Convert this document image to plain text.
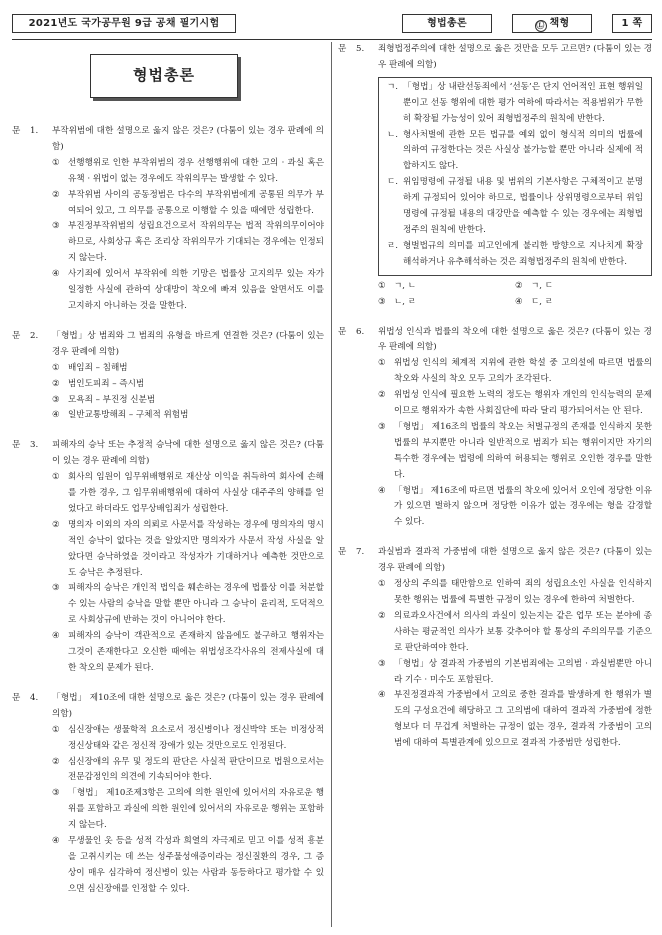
2021년도 국가공무원 9급 공채 필기시험	형법총론	Ⓛ 책형	1 쪽
형법총론
문 1. 부작위범에 대한 설명으로 옳지 않은 것은? (다툼이 있는 경우 판례에 의함)
① 선행행위로 인한 부작위범의 경우 선행행위에 대한 고의 · 과실 혹은 유책 · 위법이 없는 경우에도 작위의무는 발생할 수 있다.
② 부작위범 사이의 공동정범은 다수의 부작위범에게 공통된 의무가 부여되어 있고, 그 의무를 공통으로 이행할 수 있을 때에만 성립한다.
③ 부진정부작위범의 성립요건으로서 작위의무는 법적 작위의무이어야 하므로, 사회상규 혹은 조리상 작위의무가 기대되는 경우에는 인정되지 않는다.
④ 사기죄에 있어서 부작위에 의한 기망은 법률상 고지의무 있는 자가 일정한 사실에 관하여 상대방이 착오에 빠져 있음을 알면서도 이를 고지하지 아니하는 것을 말한다.
문 2. 「형법」상 범죄와 그 범죄의 유형을 바르게 연결한 것은? (다툼이 있는 경우 판례에 의함)
① 배임죄 – 침해범
② 범인도피죄 – 즉시범
③ 모욕죄 – 부진정 신분범
④ 일반교통방해죄 – 구체적 위험범
문 3. 피해자의 승낙 또는 추정적 승낙에 대한 설명으로 옳지 않은 것은? (다툼이 있는 경우 판례에 의함)
① 회사의 임원이 임무위배행위로 재산상 이익을 취득하여 회사에 손해를 가한 경우, 그 임무위배행위에 대하여 사실상 대주주의 양해를 얻었다고 하더라도 업무상배임죄가 성립한다.
② 명의자 이외의 자의 의뢰로 사문서를 작성하는 경우에 명의자의 명시적인 승낙이 없다는 것을 알았지만 명의자가 사문서 작성 사실을 알았다면 승낙하였을 것이라고 작성자가 기대하거나 예측한 것만으로도 승낙은 추정된다.
③ 피해자의 승낙은 개인적 법익을 훼손하는 경우에 법률상 이를 처분할 수 있는 사람의 승낙을 말할 뿐만 아니라 그 승낙이 윤리적, 도덕적으로 사회상규에 반하는 것이 아니어야 한다.
④ 피해자의 승낙이 객관적으로 존재하지 않음에도 불구하고 행위자는 그것이 존재한다고 오신한 때에는 위법성조각사유의 전제사실에 대한 착오의 문제가 된다.
문 4. 「형법」 제10조에 대한 설명으로 옳은 것은? (다툼이 있는 경우 판례에 의함)
① 심신장애는 생물학적 요소로서 정신병이나 정신박약 또는 비정상적 정신상태와 같은 정신적 장애가 있는 것만으로도 인정된다.
② 심신장애의 유무 및 정도의 판단은 사실적 판단이므로 법원으로서는 전문감정인의 의견에 기속되어야 한다.
③ 「형법」 제10조제3항은 고의에 의한 원인에 있어서의 자유로운 행위를 포함하고 과실에 의한 원인에 있어서의 자유로운 행위는 포함하지 않는다.
④ 무생물인 옷 등을 성적 각성과 희열의 자극제로 믿고 이를 성적 흥분을 고취시키는 데 쓰는 성주물성애증이라는 정신질환의 경우, 그 증상이 매우 심각하여 정신병이 있는 사람과 동등하다고 평가할 수 있으면 심신장애를 인정할 수 있다.
문 5. 죄형법정주의에 대한 설명으로 옳은 것만을 모두 고르면? (다툼이 있는 경우 판례에 의함)
ㄱ. 「형법」상 내란선동죄에서 ‘선동’은 단지 언어적인 표현 행위일 뿐이고 선동 행위에 대한 평가 여하에 따라서는 적용범위가 무한히 확장될 가능성이 있어 죄형법정주의 원칙에 반한다.
ㄴ. 형사처벌에 관한 모든 법규를 예외 없이 형식적 의미의 법률에 의하여 규정한다는 것은 사실상 불가능할 뿐만 아니라 실제에 적합하지도 않다.
ㄷ. 위임명령에 규정될 내용 및 범위의 기본사항은 구체적이고 분명하게 규정되어 있어야 하므로, 법률이나 상위명령으로부터 위임명령에 규정될 내용의 대강만을 예측할 수 있는 경우에는 죄형법정주의 원칙에 반한다.
ㄹ. 형벌법규의 의미를 피고인에게 불리한 방향으로 지나치게 확장해석하거나 유추해석하는 것은 죄형법정주의 원칙에 반한다.
① ㄱ, ㄴ	② ㄱ, ㄷ
③ ㄴ, ㄹ	④ ㄷ, ㄹ
문 6. 위법성 인식과 법률의 착오에 대한 설명으로 옳은 것은? (다툼이 있는 경우 판례에 의함)
① 위법성 인식의 체계적 지위에 관한 학설 중 고의설에 따르면 법률의 착오와 사실의 착오 모두 고의가 조각된다.
② 위법성 인식에 필요한 노력의 정도는 행위자 개인의 인식능력의 문제이므로 행위자가 속한 사회집단에 따라 달리 평가되어서는 안 된다.
③ 「형법」 제16조의 법률의 착오는 처벌규정의 존재를 인식하지 못한 법률의 부지뿐만 아니라 일반적으로 범죄가 되는 행위이지만 자기의 특수한 경우에는 법령에 의하여 허용되는 행위로 오인한 경우를 말한다.
④ 「형법」 제16조에 따르면 법률의 착오에 있어서 오인에 정당한 이유가 있으면 벌하지 않으며 정당한 이유가 없는 경우에는 형을 감경할 수 있다.
문 7. 과실범과 결과적 가중범에 대한 설명으로 옳지 않은 것은? (다툼이 있는 경우 판례에 의함)
① 정상의 주의를 태만함으로 인하여 죄의 성립요소인 사실을 인식하지 못한 행위는 법률에 특별한 규정이 있는 경우에 한하여 처벌한다.
② 의료과오사건에서 의사의 과실이 있는지는 같은 업무 또는 분야에 종사하는 평균적인 의사가 보통 갖추어야 할 통상의 주의의무를 기준으로 판단하여야 한다.
③ 「형법」상 결과적 가중범의 기본범죄에는 고의범 · 과실범뿐만 아니라 기수 · 미수도 포함된다.
④ 부진정결과적 가중범에서 고의로 중한 결과를 발생하게 한 행위가 별도의 구성요건에 해당하고 그 고의범에 대하여 결과적 가중범에 정한 형보다 더 무겁게 처벌하는 규정이 없는 경우, 결과적 가중범이 고의범에 대하여 특별관계에 있으므로 결과적 가중범만 성립한다.
